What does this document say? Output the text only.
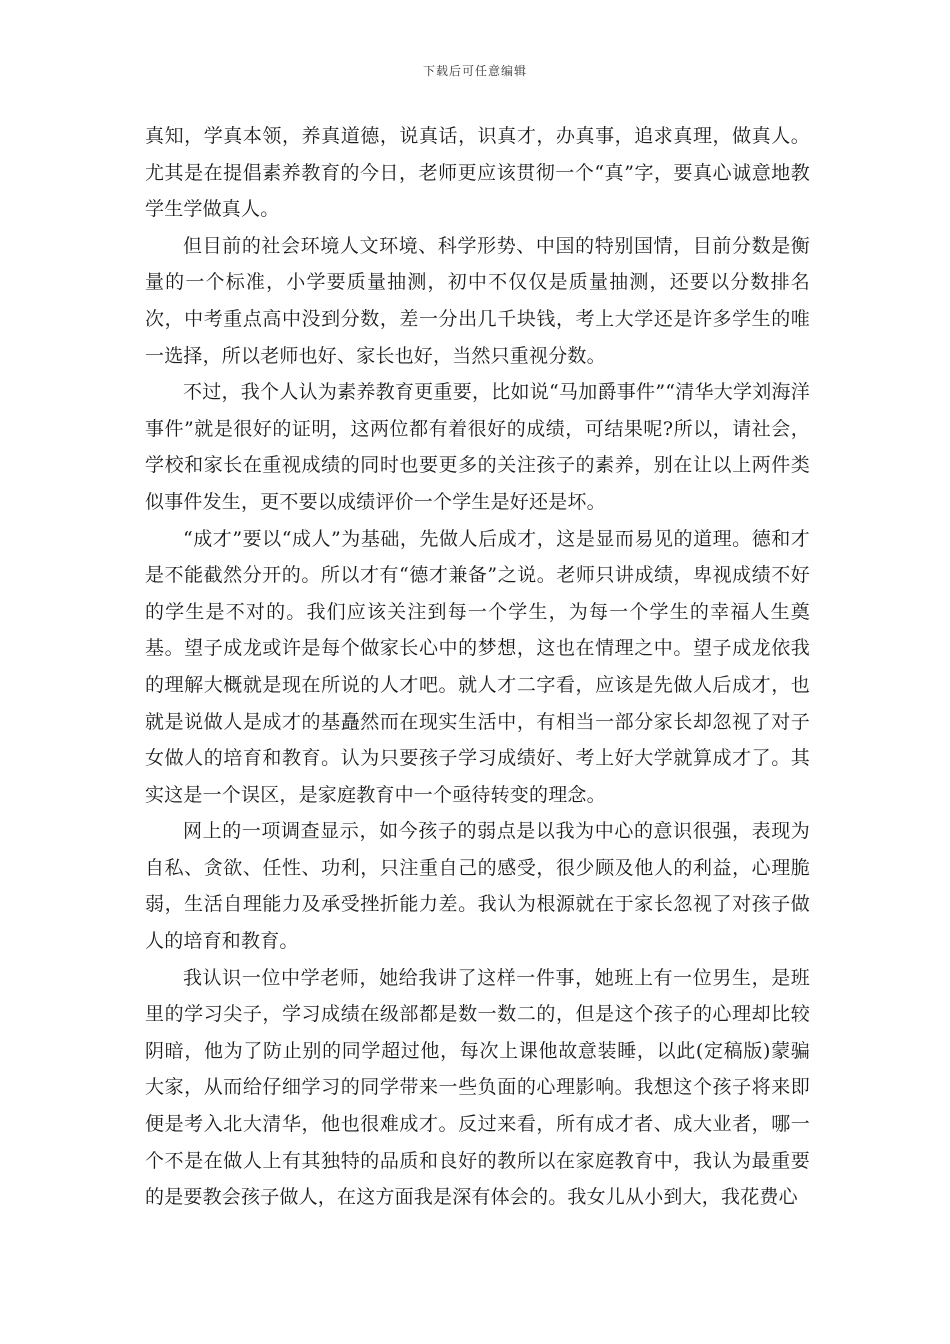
下载后可任意编辑

真知，学真本领，养真道德，说真话，识真才，办真事，追求真理，做真人。尤其是在提倡素养教育的今日，老师更应该贯彻一个“真”字，要真心诚意地教学生学做真人。

但目前的社会环境人文环境、科学形势、中国的特别国情，目前分数是衡量的一个标准，小学要质量抽测，初中不仅仅是质量抽测，还要以分数排名次，中考重点高中没到分数，差一分出几千块钱，考上大学还是许多学生的唯一选择，所以老师也好、家长也好，当然只重视分数。

不过，我个人认为素养教育更重要，比如说“马加爵事件”“清华大学刘海洋事件”就是很好的证明，这两位都有着很好的成绩，可结果呢?所以，请社会，学校和家长在重视成绩的同时也要更多的关注孩子的素养，别在让以上两件类似事件发生，更不要以成绩评价一个学生是好还是坏。

“成才”要以“成人”为基础，先做人后成才，这是显而易见的道理。德和才是不能截然分开的。所以才有“德才兼备”之说。老师只讲成绩，卑视成绩不好的学生是不对的。我们应该关注到每一个学生，为每一个学生的幸福人生奠基。望子成龙或许是每个做家长心中的梦想，这也在情理之中。望子成龙依我的理解大概就是现在所说的人才吧。就人才二字看，应该是先做人后成才，也就是说做人是成才的基矗然而在现实生活中，有相当一部分家长却忽视了对子女做人的培育和教育。认为只要孩子学习成绩好、考上好大学就算成才了。其实这是一个误区，是家庭教育中一个亟待转变的理念。

网上的一项调查显示，如今孩子的弱点是以我为中心的意识很强，表现为自私、贪欲、任性、功利，只注重自己的感受，很少顾及他人的利益，心理脆弱，生活自理能力及承受挫折能力差。我认为根源就在于家长忽视了对孩子做人的培育和教育。

我认识一位中学老师，她给我讲了这样一件事，她班上有一位男生，是班里的学习尖子，学习成绩在级部都是数一数二的，但是这个孩子的心理却比较阴暗，他为了防止别的同学超过他，每次上课他故意装睡，以此(定稿版)蒙骗大家，从而给仔细学习的同学带来一些负面的心理影响。我想这个孩子将来即便是考入北大清华，他也很难成才。反过来看，所有成才者、成大业者，哪一个不是在做人上有其独特的品质和良好的教所以在家庭教育中，我认为最重要的是要教会孩子做人，在这方面我是深有体会的。我女儿从小到大，我花费心
